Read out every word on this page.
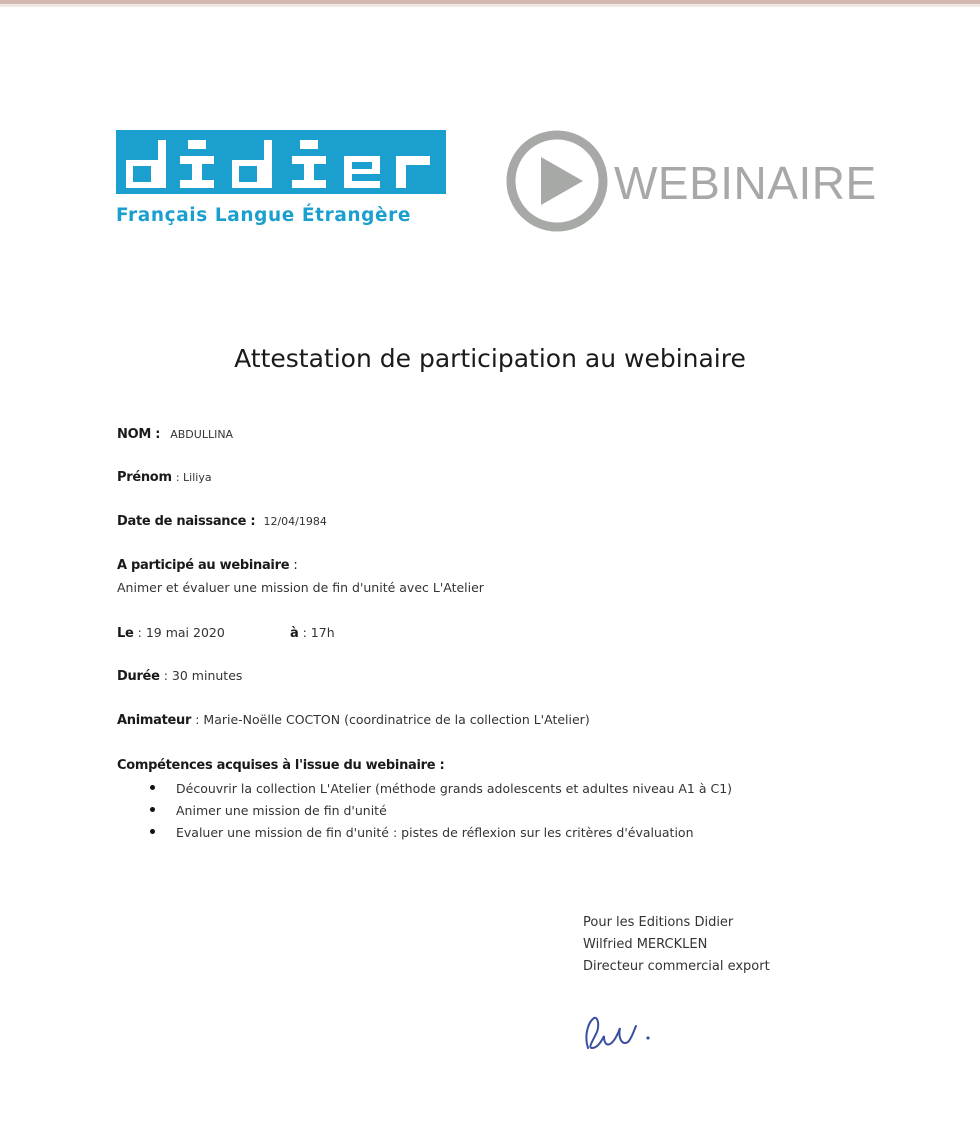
Français Langue Étrangère
WEBINAIRE
Attestation de participation au webinaire
NOM : ABDULLINA
Prénom : Liliya
Date de naissance : 12/04/1984
A participé au webinaire :
Animer et évaluer une mission de fin d'unité avec L'Atelier
Le : 19 mai 2020	à : 17h
Durée : 30 minutes
Animateur : Marie-Noëlle COCTON (coordinatrice de la collection L'Atelier)
Compétences acquises à l'issue du webinaire :
Découvrir la collection L'Atelier (méthode grands adolescents et adultes niveau A1 à C1)
Animer une mission de fin d'unité
Evaluer une mission de fin d'unité : pistes de réflexion sur les critères d'évaluation
Pour les Editions Didier
Wilfried MERCKLEN
Directeur commercial export
